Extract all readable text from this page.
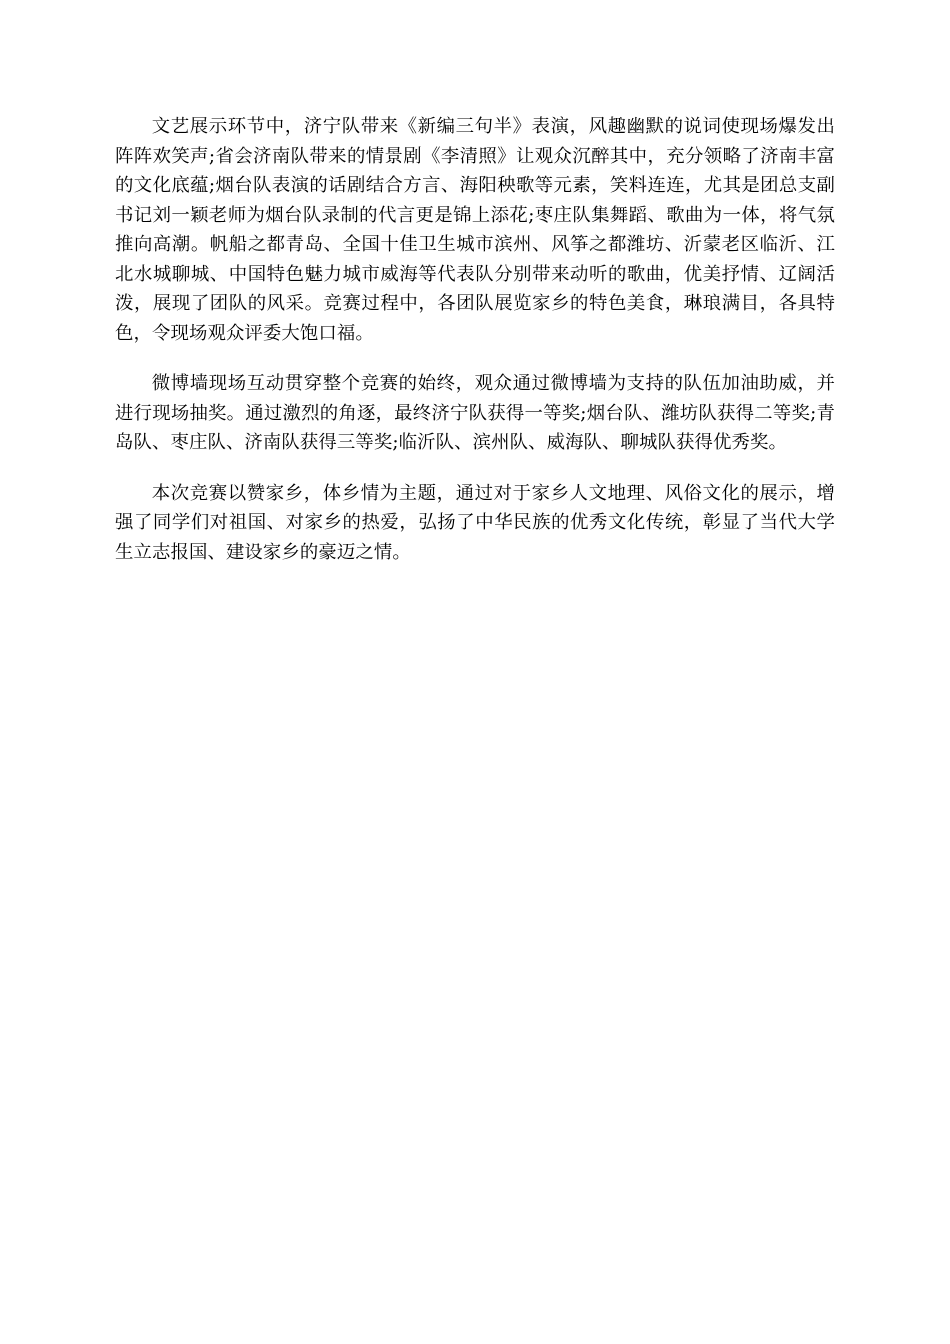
文艺展示环节中，济宁队带来《新编三句半》表演，风趣幽默的说词使现场爆发出阵阵欢笑声;省会济南队带来的情景剧《李清照》让观众沉醉其中，充分领略了济南丰富的文化底蕴;烟台队表演的话剧结合方言、海阳秧歌等元素，笑料连连，尤其是团总支副书记刘一颖老师为烟台队录制的代言更是锦上添花;枣庄队集舞蹈、歌曲为一体，将气氛推向高潮。帆船之都青岛、全国十佳卫生城市滨州、风筝之都潍坊、沂蒙老区临沂、江北水城聊城、中国特色魅力城市威海等代表队分别带来动听的歌曲，优美抒情、辽阔活泼，展现了团队的风采。竞赛过程中，各团队展览家乡的特色美食，琳琅满目，各具特色，令现场观众评委大饱口福。

微博墙现场互动贯穿整个竞赛的始终，观众通过微博墙为支持的队伍加油助威，并进行现场抽奖。通过激烈的角逐，最终济宁队获得一等奖;烟台队、潍坊队获得二等奖;青岛队、枣庄队、济南队获得三等奖;临沂队、滨州队、威海队、聊城队获得优秀奖。

本次竞赛以赞家乡，体乡情为主题，通过对于家乡人文地理、风俗文化的展示，增强了同学们对祖国、对家乡的热爱，弘扬了中华民族的优秀文化传统，彰显了当代大学生立志报国、建设家乡的豪迈之情。
